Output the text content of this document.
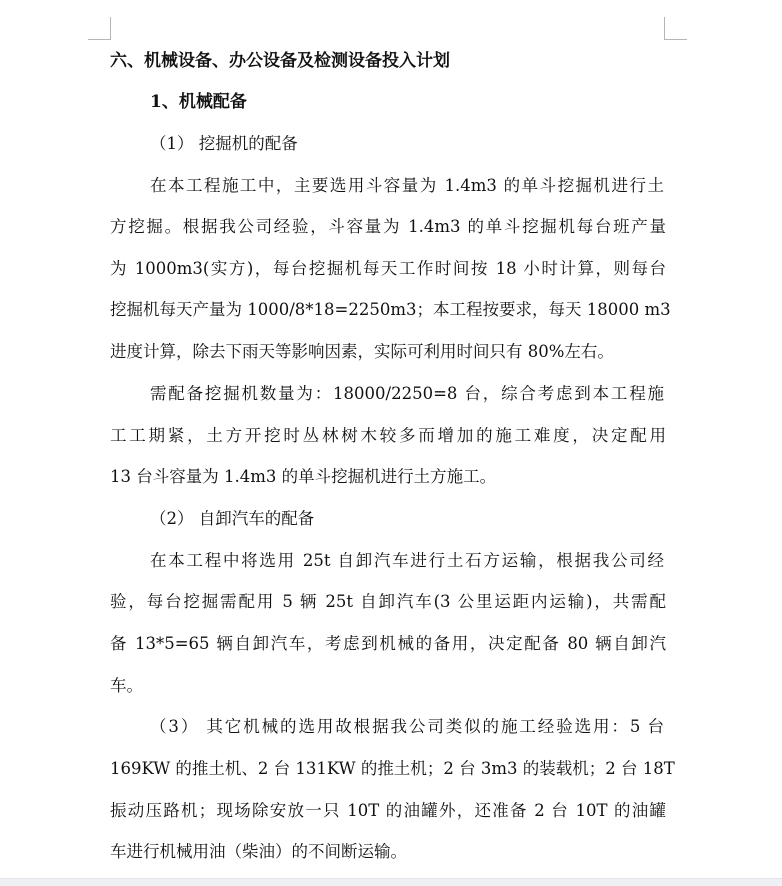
六、机械设备、办公设备及检测设备投入计划
1、机械配备
（1） 挖掘机的配备
在本工程施工中，主要选用斗容量为 1.4m3 的单斗挖掘机进行土
方挖掘。根据我公司经验，斗容量为 1.4m3 的单斗挖掘机每台班产量
为 1000m3(实方)，每台挖掘机每天工作时间按 18 小时计算，则每台
挖掘机每天产量为 1000/8*18=2250m3；本工程按要求，每天 18000 m3
进度计算，除去下雨天等影响因素，实际可利用时间只有 80%左右。
需配备挖掘机数量为：18000/2250=8 台，综合考虑到本工程施
工工期紧，土方开挖时丛林树木较多而增加的施工难度，决定配用
13 台斗容量为 1.4m3 的单斗挖掘机进行土方施工。
（2） 自卸汽车的配备
在本工程中将选用 25t 自卸汽车进行土石方运输，根据我公司经
验，每台挖掘需配用 5 辆 25t 自卸汽车(3 公里运距内运输)，共需配
备 13*5=65 辆自卸汽车，考虑到机械的备用，决定配备 80 辆自卸汽
车。
（3） 其它机械的选用故根据我公司类似的施工经验选用：5 台
169KW 的推土机、2 台 131KW 的推土机；2 台 3m3 的装载机；2 台 18T
振动压路机；现场除安放一只 10T 的油罐外，还准备 2 台 10T 的油罐
车进行机械用油（柴油）的不间断运输。
